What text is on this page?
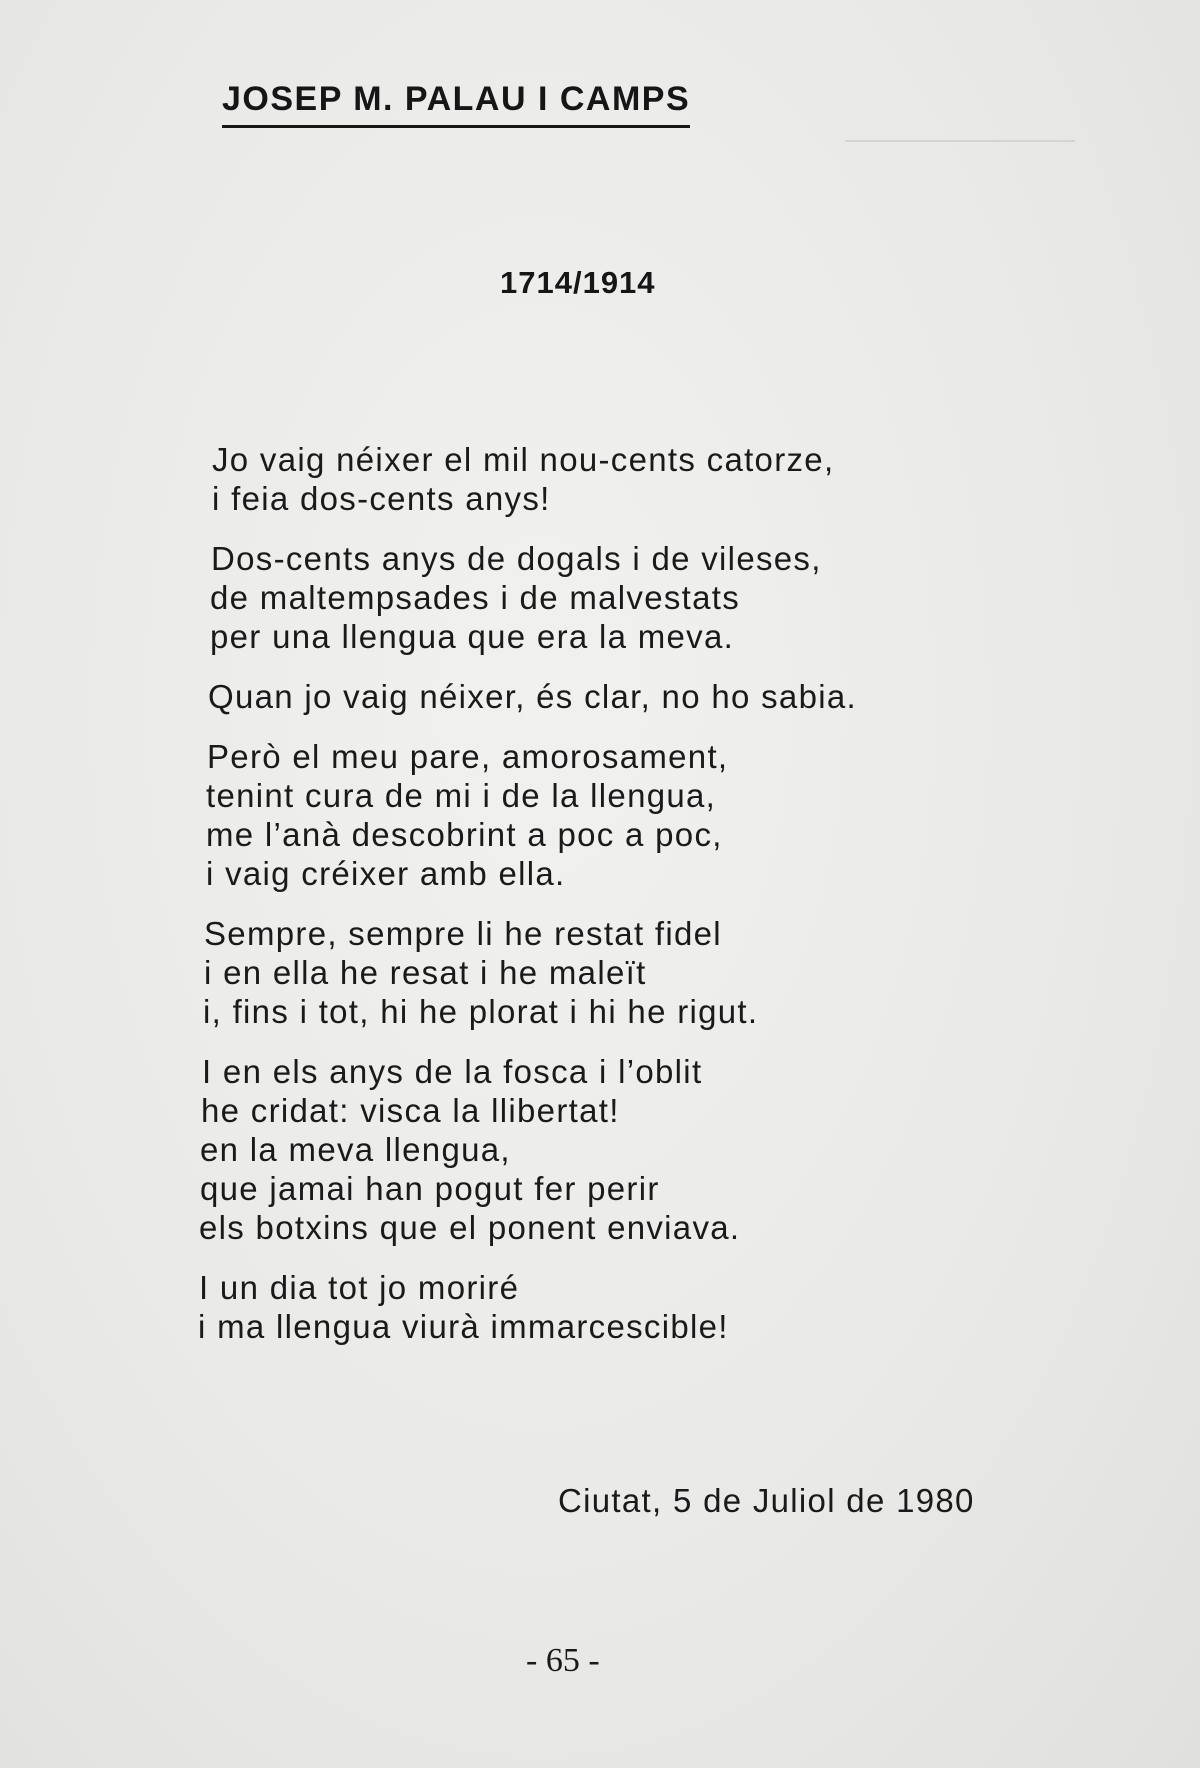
JOSEP M. PALAU I CAMPS
1714/1914
Jo vaig néixer el mil nou-cents catorze,
i feia dos-cents anys!
Dos-cents anys de dogals i de vileses,
de maltempsades i de malvestats
per una llengua que era la meva.
Quan jo vaig néixer, és clar, no ho sabia.
Però el meu pare, amorosament,
tenint cura de mi i de la llengua,
me l’anà descobrint a poc a poc,
i vaig créixer amb ella.
Sempre, sempre li he restat fidel
i en ella he resat i he maleït
i, fins i tot, hi he plorat i hi he rigut.
I en els anys de la fosca i l’oblit
he cridat: visca la llibertat!
en la meva llengua,
que jamai han pogut fer perir
els botxins que el ponent enviava.
I un dia tot jo moriré
i ma llengua viurà immarcescible!
Ciutat, 5 de Juliol de 1980
- 65 -
